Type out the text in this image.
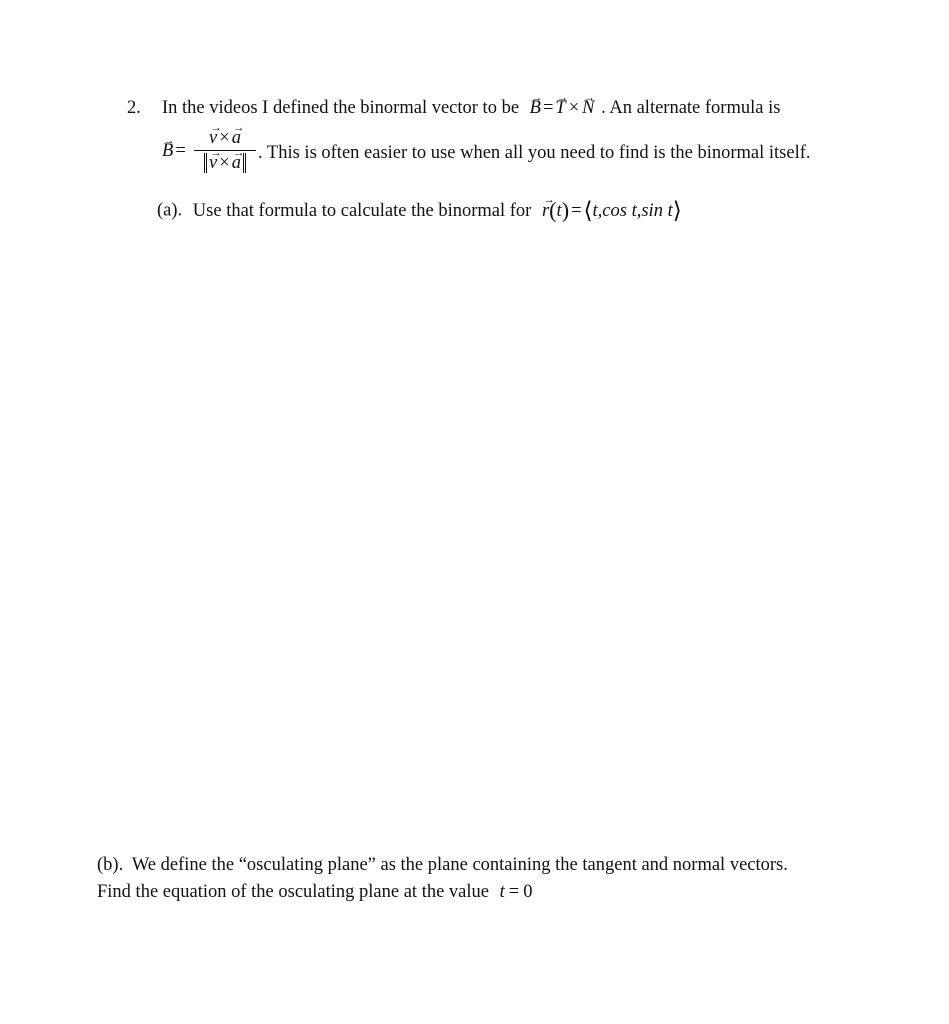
2. In the videos I defined the binormal vector to be → B = → T × → N . An alternate formula is
→ B =
→ v × → a
→ v × → a . This is often easier to use when all you need to find is the binormal itself.
(a). Use that formula to calculate the binormal for → r(t) =⟨t,cos t,sin t⟩
(b). We define the “osculating plane” as the plane containing the tangent and normal vectors.
Find the equation of the osculating plane at the value t = 0
